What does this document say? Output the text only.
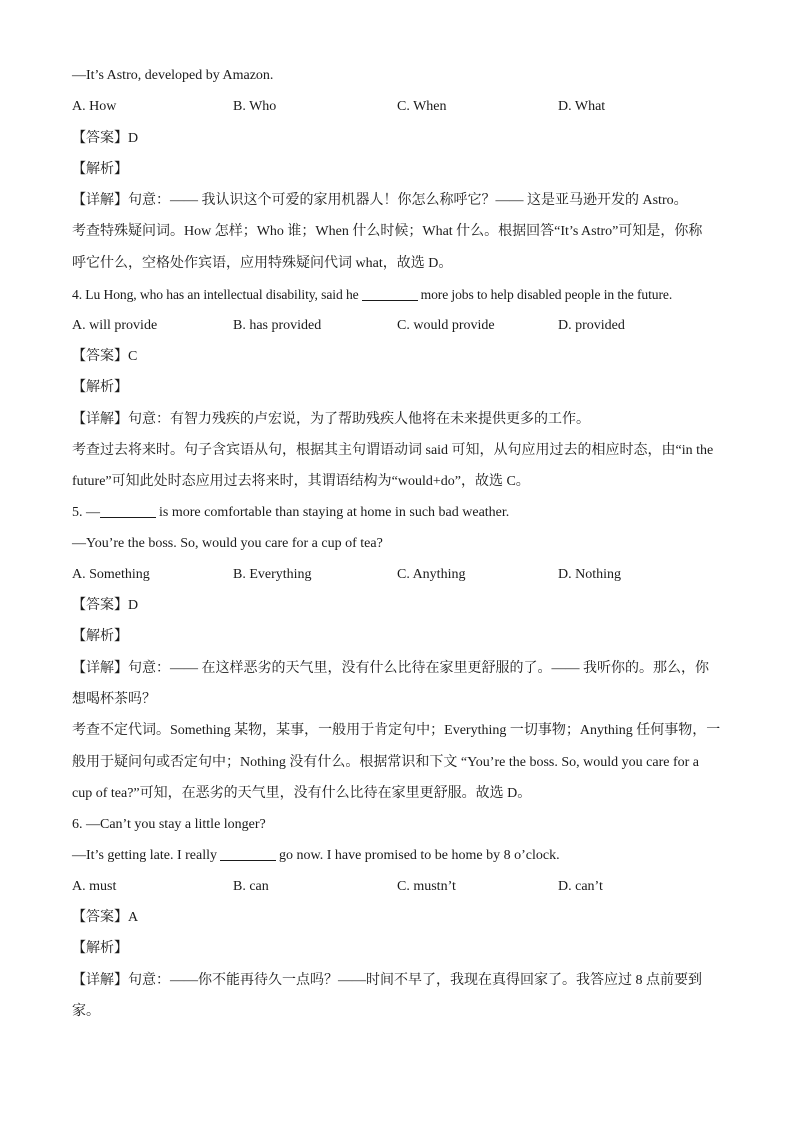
—It’s Astro, developed by Amazon.
A. How	B. Who	C. When	D. What
【答案】D
【解析】
【详解】句意：—— 我认识这个可爱的家用机器人！你怎么称呼它？—— 这是亚马逊开发的 Astro。
考查特殊疑问词。How 怎样；Who 谁；When 什么时候；What 什么。根据回答“It’s Astro”可知是，你称
呼它什么，空格处作宾语，应用特殊疑问代词 what，故选 D。
4. Lu Hong, who has an intellectual disability, said he	more jobs to help disabled people in the future.
A. will provide	B. has provided	C. would provide	D. provided
【答案】C
【解析】
【详解】句意：有智力残疾的卢宏说，为了帮助残疾人他将在未来提供更多的工作。
考查过去将来时。句子含宾语从句，根据其主句谓语动词 said 可知，从句应用过去的相应时态，由“in the
future”可知此处时态应用过去将来时，其谓语结构为“would+do”，故选 C。
5. —	is more comfortable than staying at home in such bad weather.
—You’re the boss. So, would you care for a cup of tea?
A. Something	B. Everything	C. Anything	D. Nothing
【答案】D
【解析】
【详解】句意：—— 在这样恶劣的天气里，没有什么比待在家里更舒服的了。—— 我听你的。那么，你
想喝杯茶吗？
考查不定代词。Something 某物，某事，一般用于肯定句中；Everything 一切事物；Anything 任何事物，一
般用于疑问句或否定句中；Nothing 没有什么。根据常识和下文 “You’re the boss. So, would you care for a
cup of tea?”可知，在恶劣的天气里，没有什么比待在家里更舒服。故选 D。
6. —Can’t you stay a little longer?
—It’s getting late. I really	go now. I have promised to be home by 8 o’clock.
A. must	B. can	C. mustn’t	D. can’t
【答案】A
【解析】
【详解】句意：——你不能再待久一点吗？——时间不早了，我现在真得回家了。我答应过 8 点前要到
家。
